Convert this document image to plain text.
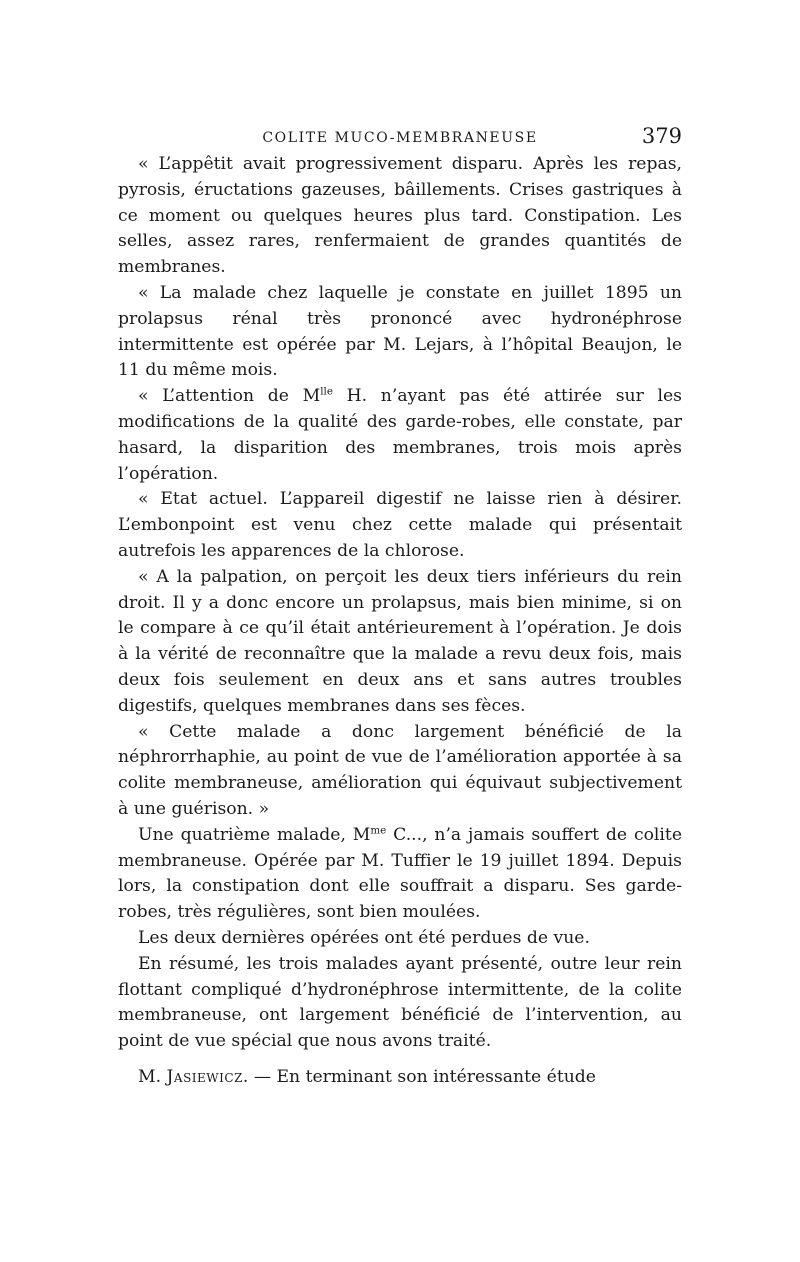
COLITE MUCO-MEMBRANEUSE	379

« L’appêtit avait progressivement disparu. Après les repas, pyrosis, éructations gazeuses, bâillements. Crises gastriques à ce moment ou quelques heures plus tard. Constipation. Les selles, assez rares, renfermaient de grandes quantités de membranes.

« La malade chez laquelle je constate en juillet 1895 un prolapsus rénal très prononcé avec hydronéphrose intermittente est opérée par M. Lejars, à l’hôpital Beaujon, le 11 du même mois.

« L’attention de $M^{lle}$ H. n’ayant pas été attirée sur les modifications de la qualité des garde-robes, elle constate, par hasard, la disparition des membranes, trois mois après l’opération.

« Etat actuel. L’appareil digestif ne laisse rien à désirer. L’embonpoint est venu chez cette malade qui présentait autrefois les apparences de la chlorose.

« A la palpation, on perçoit les deux tiers inférieurs du rein droit. Il y a donc encore un prolapsus, mais bien minime, si on le compare à ce qu’il était antérieurement à l’opération. Je dois à la vérité de reconnaître que la malade a revu deux fois, mais deux fois seulement en deux ans et sans autres troubles digestifs, quelques membranes dans ses fèces.

« Cette malade a donc largement bénéficié de la néphrorrhaphie, au point de vue de l’amélioration apportée à sa colite membraneuse, amélioration qui équivaut subjectivement à une guérison. »

Une quatrième malade, $M^{me}$ C..., n’a jamais souffert de colite membraneuse. Opérée par M. Tuffier le 19 juillet 1894. Depuis lors, la constipation dont elle souffrait a disparu. Ses garde-robes, très régulières, sont bien moulées.

Les deux dernières opérées ont été perdues de vue.

En résumé, les trois malades ayant présenté, outre leur rein flottant compliqué d’hydronéphrose intermittente, de la colite membraneuse, ont largement bénéficié de l’intervention, au point de vue spécial que nous avons traité.

M. Jasiewicz. — En terminant son intéressante étude
